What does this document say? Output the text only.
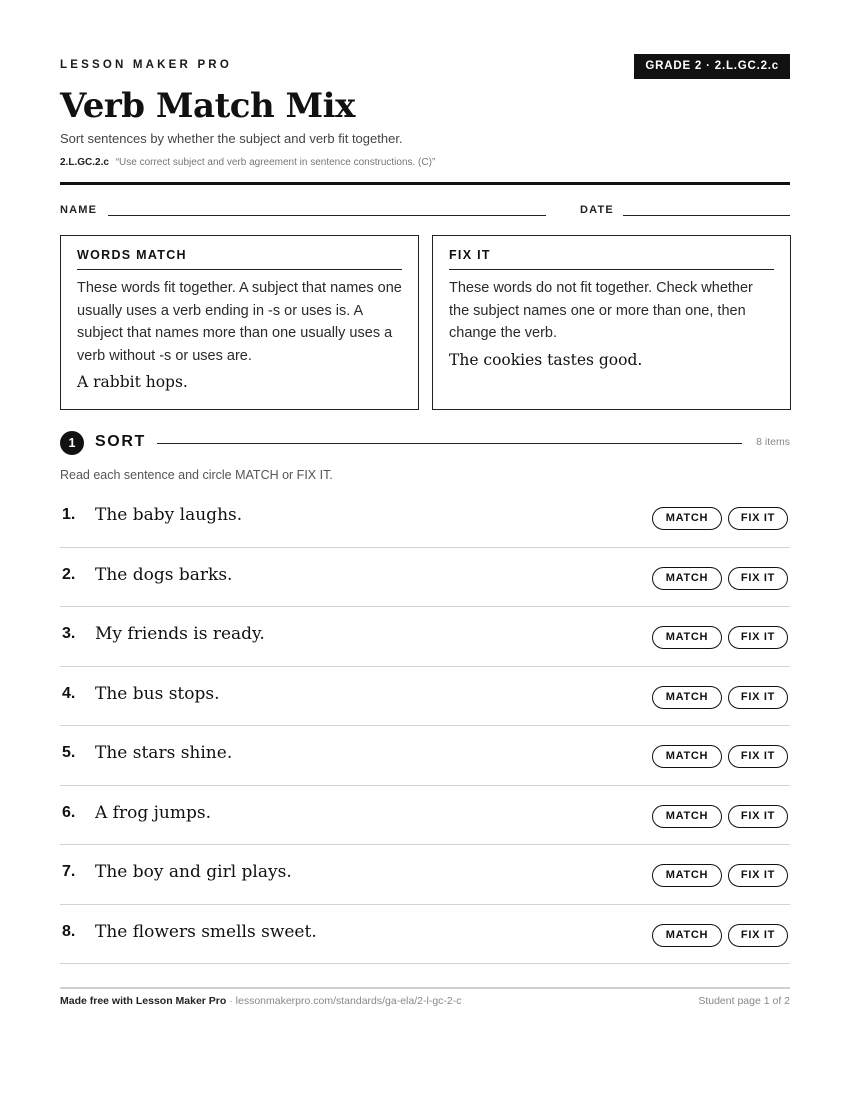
LESSON MAKER PRO	GRADE 2 · 2.L.GC.2.c
Verb Match Mix
Sort sentences by whether the subject and verb fit together.
2.L.GC.2.c “Use correct subject and verb agreement in sentence constructions. (C)”
NAME	DATE
WORDS MATCH
These words fit together. A subject that names one usually uses a verb ending in -s or uses is. A subject that names more than one usually uses a verb without -s or uses are.
A rabbit hops.
FIX IT
These words do not fit together. Check whether the subject names one or more than one, then change the verb.
The cookies tastes good.
1	SORT	8 items
Read each sentence and circle MATCH or FIX IT.
1. The baby laughs.	MATCH	FIX IT
2. The dogs barks.	MATCH	FIX IT
3. My friends is ready.	MATCH	FIX IT
4. The bus stops.	MATCH	FIX IT
5. The stars shine.	MATCH	FIX IT
6. A frog jumps.	MATCH	FIX IT
7. The boy and girl plays.	MATCH	FIX IT
8. The flowers smells sweet.	MATCH	FIX IT
Made free with Lesson Maker Pro · lessonmakerpro.com/standards/ga-ela/2-l-gc-2-c	Student page 1 of 2
